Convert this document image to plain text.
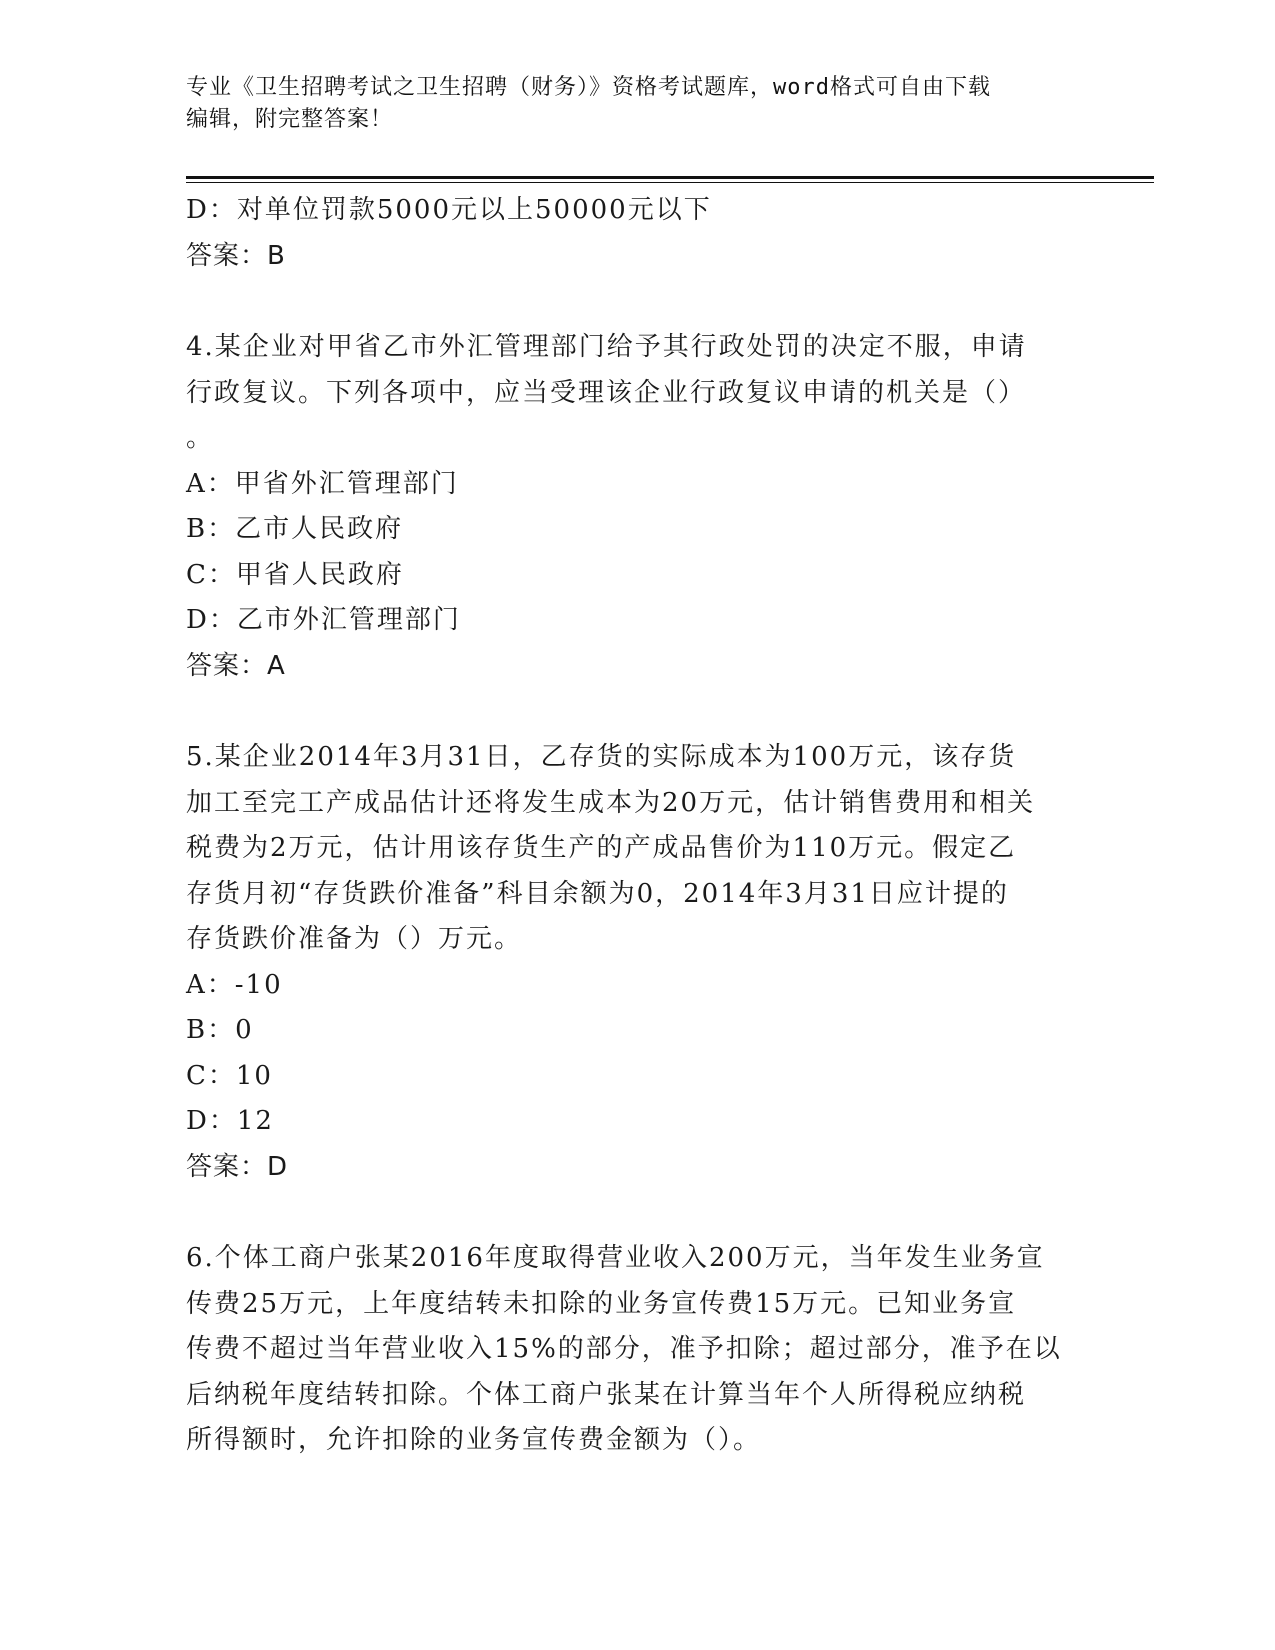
专业《卫生招聘考试之卫生招聘（财务）》资格考试题库，word格式可自由下载
编辑，附完整答案！
D：对单位罚款5000元以上50000元以下
答案：B
4.某企业对甲省乙市外汇管理部门给予其行政处罚的决定不服，申请
行政复议。下列各项中，应当受理该企业行政复议申请的机关是（）
。
A：甲省外汇管理部门
B：乙市人民政府
C：甲省人民政府
D：乙市外汇管理部门
答案：A
5.某企业2014年3月31日，乙存货的实际成本为100万元，该存货
加工至完工产成品估计还将发生成本为20万元，估计销售费用和相关
税费为2万元，估计用该存货生产的产成品售价为110万元。假定乙
存货月初“存货跌价准备”科目余额为0，2014年3月31日应计提的
存货跌价准备为（）万元。
A：-10
B：0
C：10
D：12
答案：D
6.个体工商户张某2016年度取得营业收入200万元，当年发生业务宣
传费25万元，上年度结转未扣除的业务宣传费15万元。已知业务宣
传费不超过当年营业收入15%的部分，准予扣除；超过部分，准予在以
后纳税年度结转扣除。个体工商户张某在计算当年个人所得税应纳税
所得额时，允许扣除的业务宣传费金额为（）。
